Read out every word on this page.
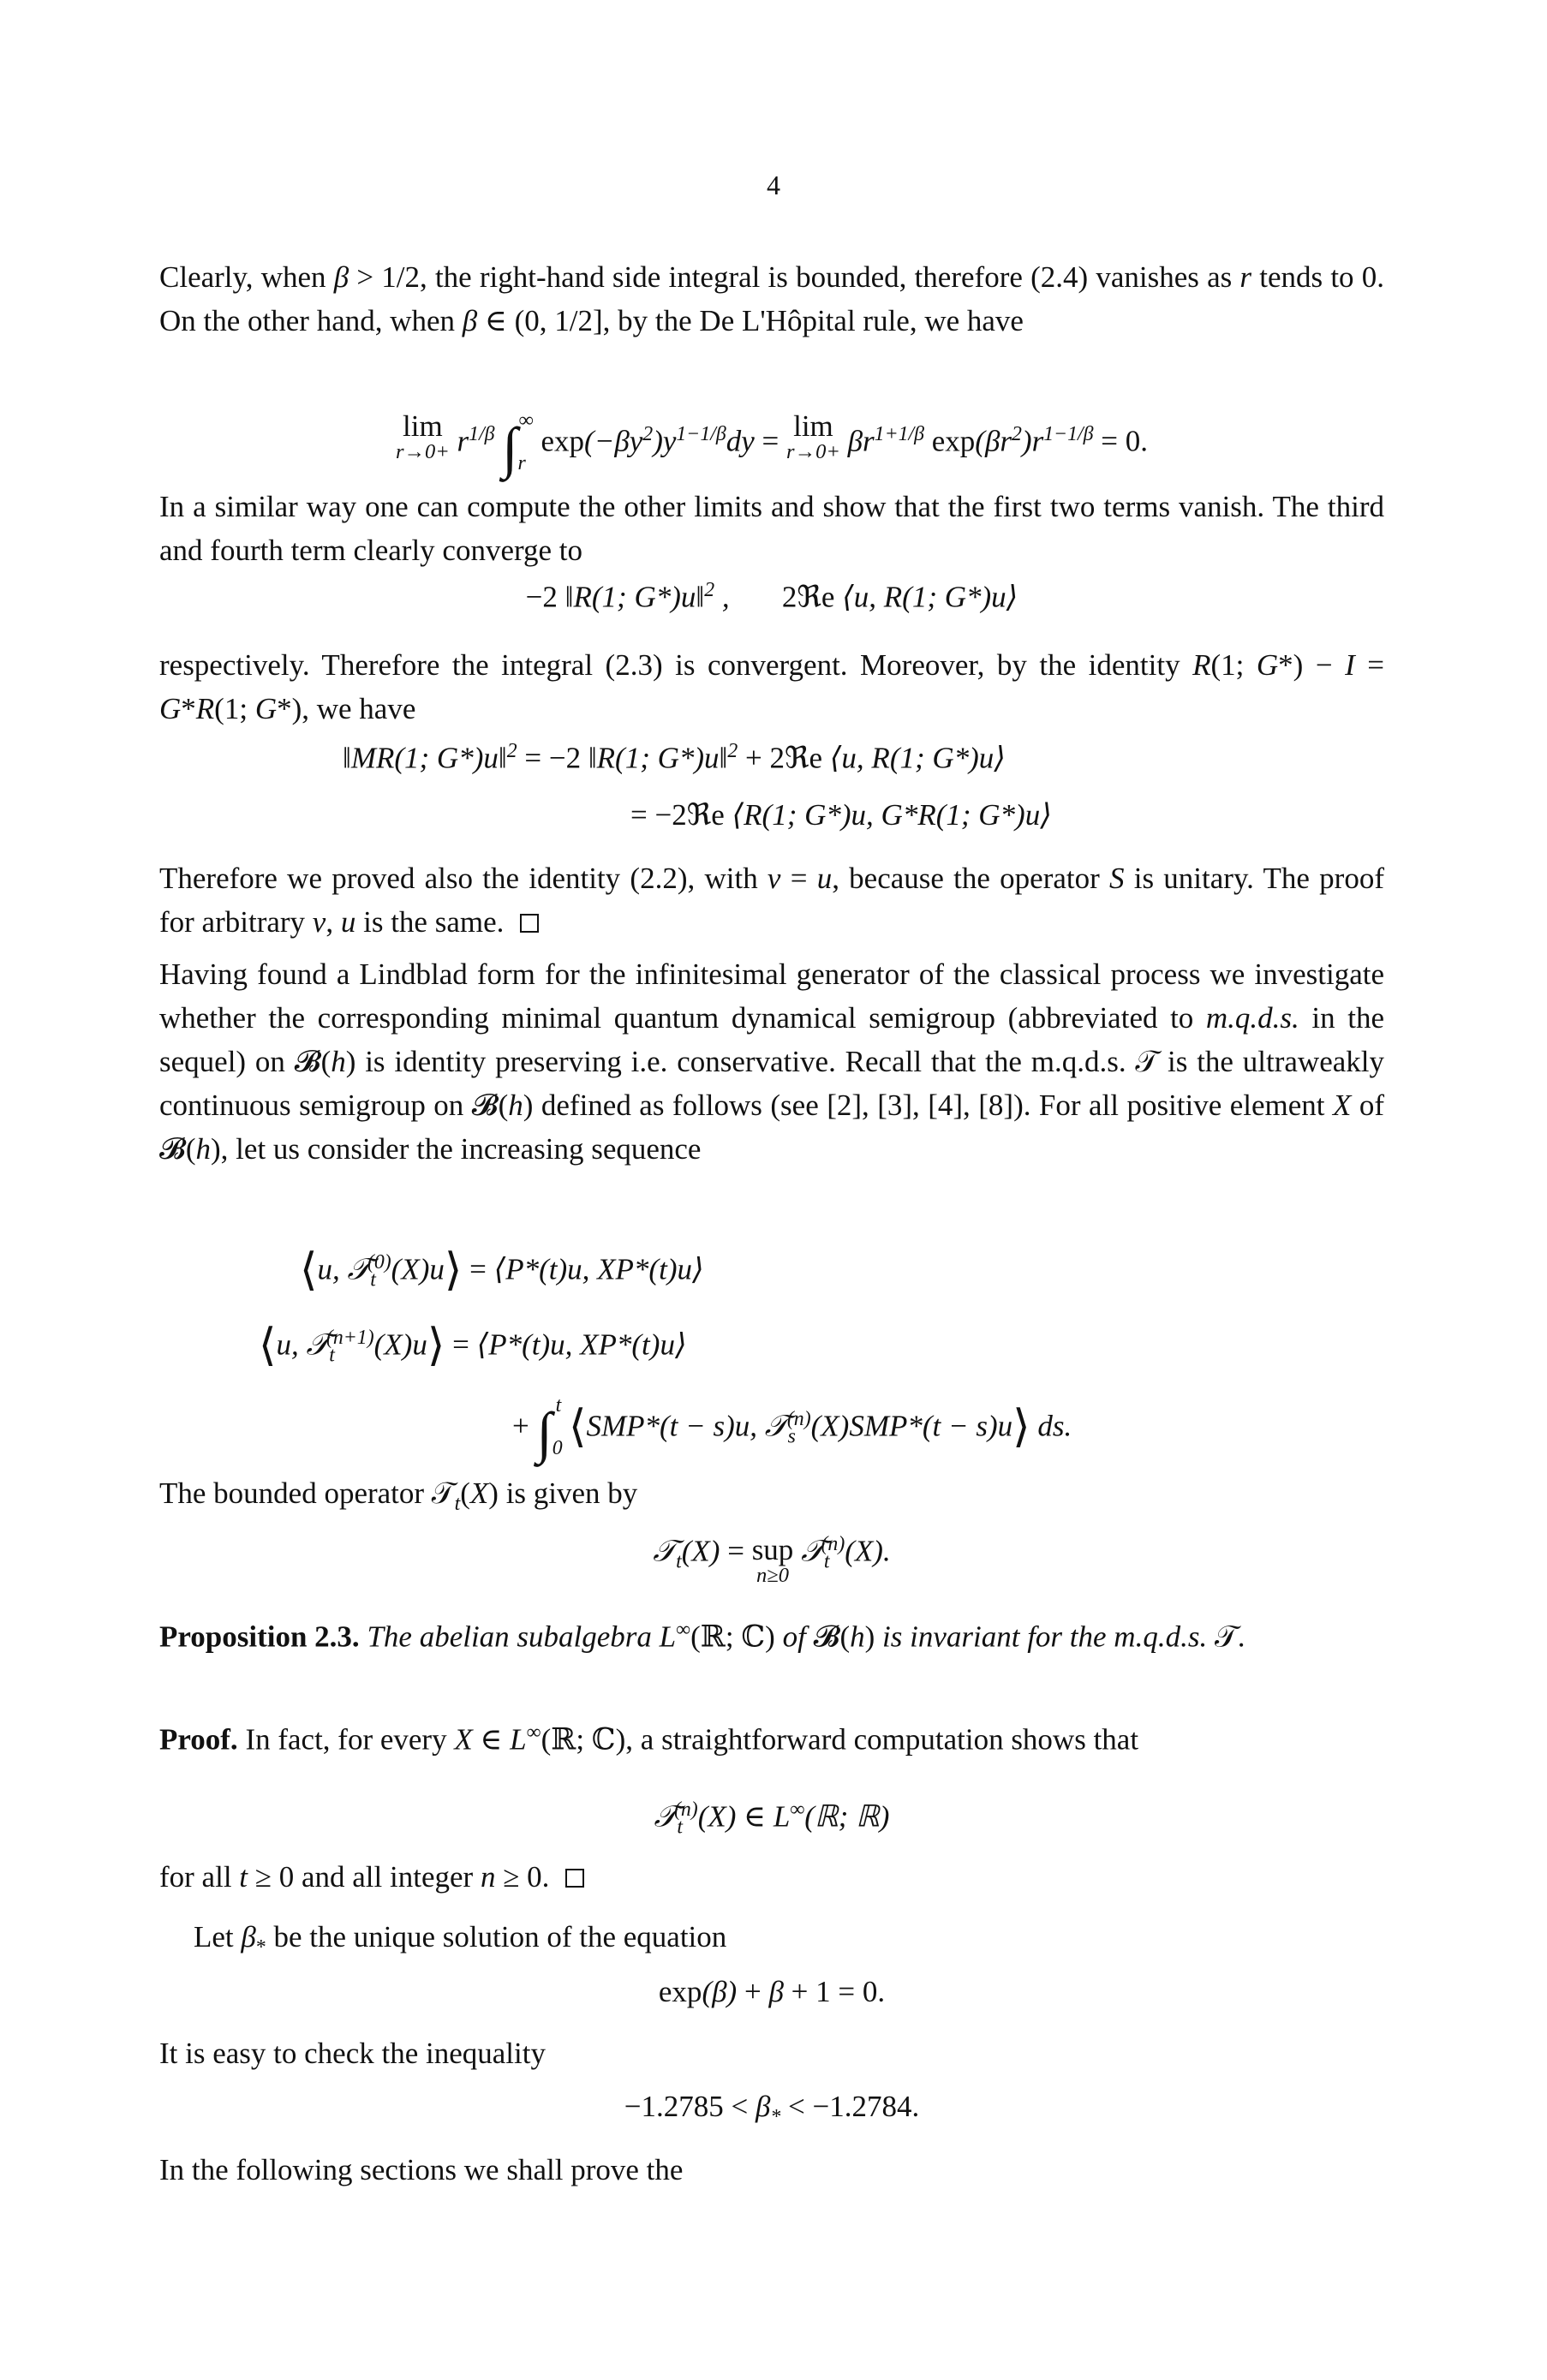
4
Clearly, when β > 1/2, the right-hand side integral is bounded, therefore (2.4) vanishes as r tends to 0. On the other hand, when β ∈ (0, 1/2], by the De L'Hôpital rule, we have
lim
$r\to 0+ r^{1/\beta}$ $\int_r^\infty$ $\exp(-\beta y^2)y^{1-1/\beta}dy = \lim$
$r\to 0+ \beta r^{1+1/\beta}$ $\exp(\beta r^2)r^{1-1/\beta} = 0$.
In a similar way one can compute the other limits and show that the first two terms vanish. The third and fourth term clearly converge to
−2 ‖R(1; G*)u‖$^2$ ,       2ℜe ⟨u, R(1; G*)u⟩
respectively. Therefore the integral (2.3) is convergent. Moreover, by the identity R(1; G*) − I = G*R(1; G*), we have
‖MR(1; G*)u‖$^2$ = −2 ‖R(1; G*)u‖$^2$ + 2ℜe ⟨u, R(1; G*)u⟩
= −2ℜe ⟨R(1; G*)u, G*R(1; G*)u⟩
Therefore we proved also the identity (2.2), with v = u, because the operator S is unitary. The proof for arbitrary v, u is the same.
Having found a Lindblad form for the infinitesimal generator of the classical process we investigate whether the corresponding minimal quantum dynamical semigroup (abbreviated to m.q.d.s. in the sequel) on 𝓑(h) is identity preserving i.e. conservative. Recall that the m.q.d.s. 𝒯 is the ultraweakly continuous semigroup on 𝓑(h) defined as follows (see [2], [3], [4], [8]). For all positive element X of 𝓑(h), let us consider the increasing sequence
⟨u, 𝒯$_t^{(0)}$(X)u⟩ = ⟨P*(t)u, XP*(t)u⟩
⟨u, 𝒯$_t^{(n+1)}$(X)u⟩ = ⟨P*(t)u, XP*(t)u⟩
+ $\int_0^t$ ⟨SMP*(t − s)u, 𝒯$_s^{(n)}$(X)SMP*(t − s)u⟩ ds.
The bounded operator 𝒯$_t$(X) is given by
𝒯$_t$(X) = sup
n≥0
𝒯$_t^{(n)}$(X).
Proposition 2.3. The abelian subalgebra L∞(ℝ; ℂ) of 𝓑(h) is invariant for the m.q.d.s. 𝒯.
Proof. In fact, for every X ∈ L∞(ℝ; ℂ), a straightforward computation shows that
𝒯$_t^{(n)}$(X) ∈ L∞(ℝ; ℝ)
for all t ≥ 0 and all integer n ≥ 0.
Let $\beta_*$ be the unique solution of the equation
exp(β) + β + 1 = 0.
It is easy to check the inequality
$-1.2785 < \beta_* < -1.2784$.
In the following sections we shall prove the
